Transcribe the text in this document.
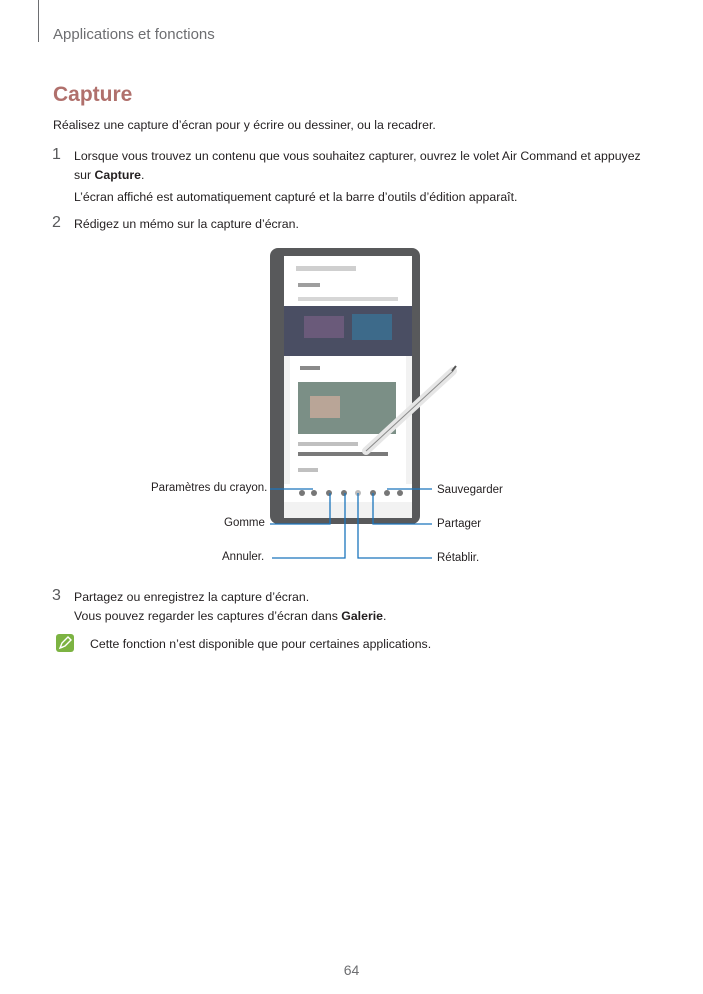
Applications et fonctions
Capture
Réalisez une capture d’écran pour y écrire ou dessiner, ou la recadrer.
1 Lorsque vous trouvez un contenu que vous souhaitez capturer, ouvrez le volet Air Command et appuyez
sur Capture.
L’écran affiché est automatiquement capturé et la barre d’outils d’édition apparaît.
2 Rédigez un mémo sur la capture d’écran.
Paramètres du crayon.
Gomme
Annuler.
Sauvegarder
Partager
Rétablir.
3 Partagez ou enregistrez la capture d’écran.
Vous pouvez regarder les captures d’écran dans Galerie.
Cette fonction n’est disponible que pour certaines applications.
64
